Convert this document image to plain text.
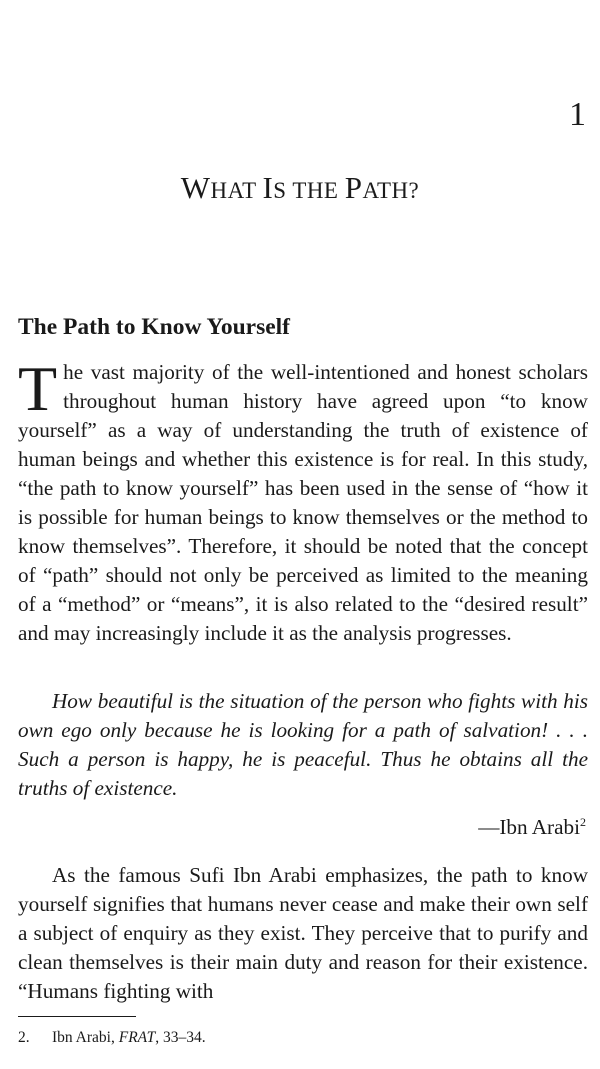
1
WHAT IS THE PATH?
The Path to Know Yourself

The vast majority of the well-intentioned and honest scholars throughout human history have agreed upon “to know yourself” as a way of understanding the truth of existence of human beings and whether this existence is for real. In this study, “the path to know yourself” has been used in the sense of “how it is possible for human beings to know themselves or the method to know themselves”. Therefore, it should be noted that the concept of “path” should not only be perceived as limited to the meaning of a “method” or “means”, it is also related to the “desired result” and may increasingly include it as the analysis progresses.

How beautiful is the situation of the person who fights with his own ego only because he is looking for a path of salvation! . . . Such a person is happy, he is peaceful. Thus he obtains all the truths of existence.

—Ibn Arabi$^2$

As the famous Sufi Ibn Arabi emphasizes, the path to know yourself signifies that humans never cease and make their own self a subject of enquiry as they exist. They perceive that to purify and clean themselves is their main duty and reason for their existence. “Humans fighting with

2. Ibn Arabi, FRAT, 33–34.
